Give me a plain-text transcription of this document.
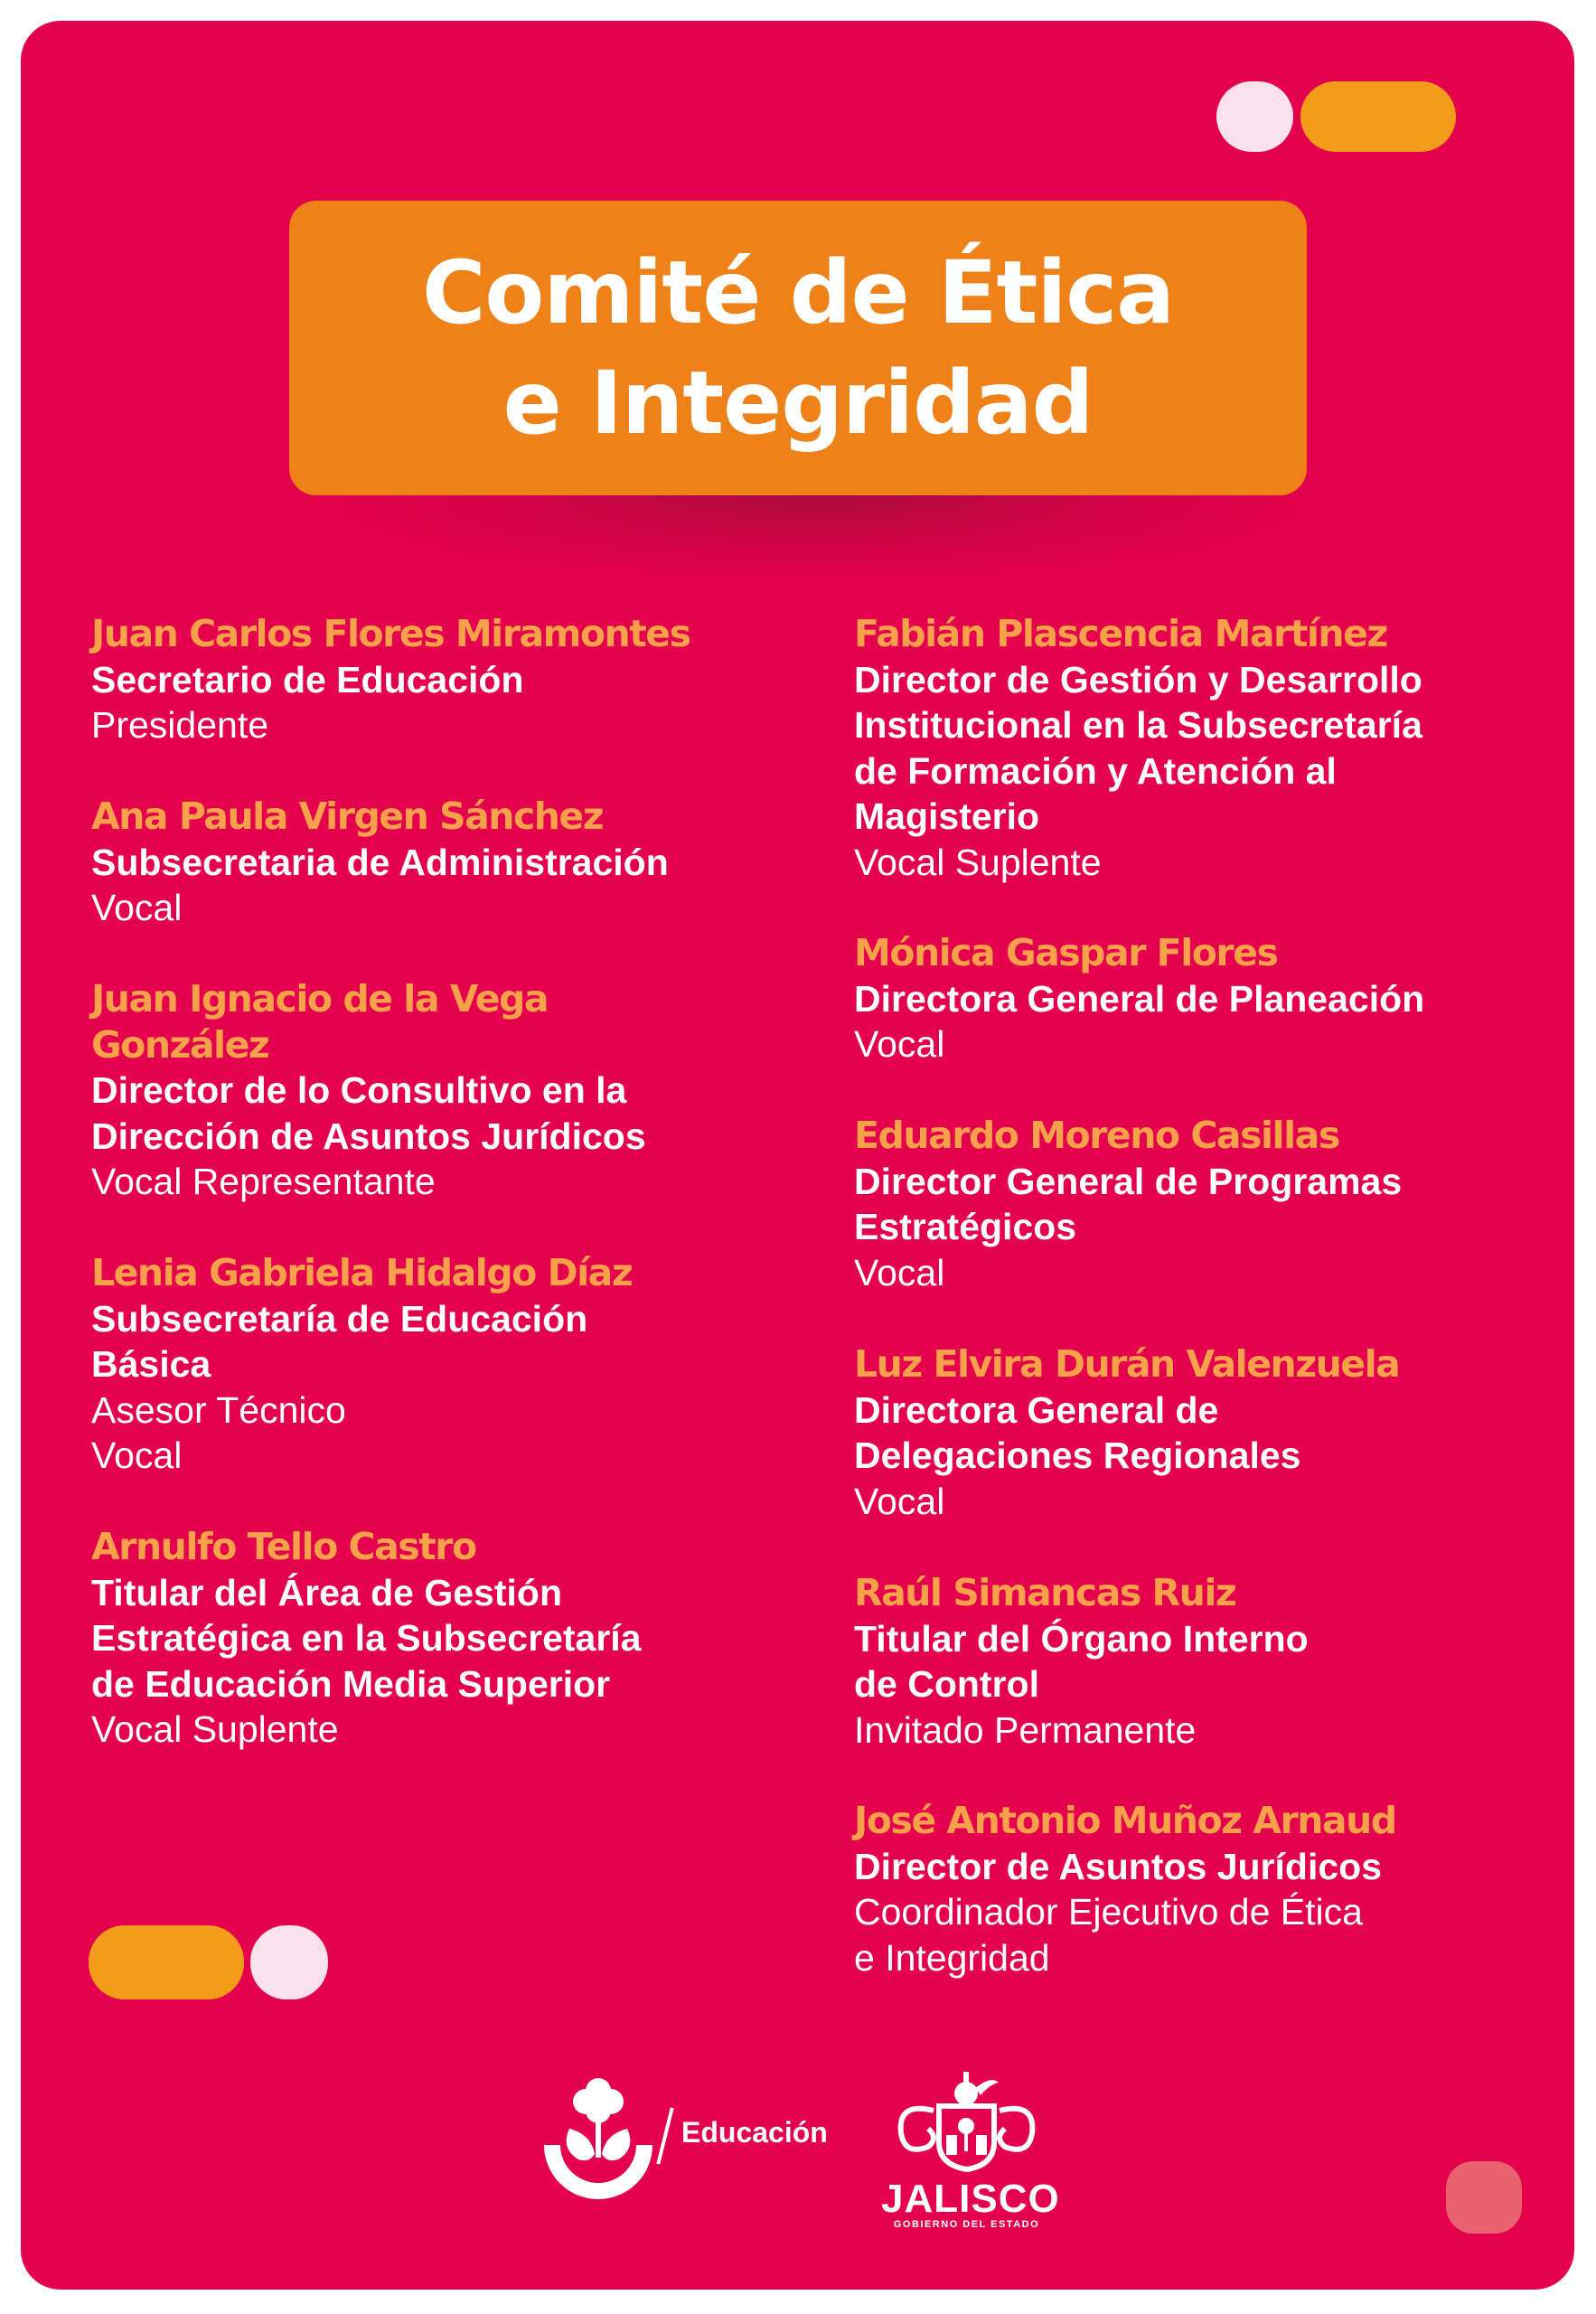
Comité de Ética
e Integridad
Juan Carlos Flores Miramontes
Secretario de Educación
Presidente
Ana Paula Virgen Sánchez
Subsecretaria de Administración
Vocal
Juan Ignacio de la Vega
González
Director de lo Consultivo en la
Dirección de Asuntos Jurídicos
Vocal Representante
Lenia Gabriela Hidalgo Díaz
Subsecretaría de Educación
Básica
Asesor Técnico
Vocal
Arnulfo Tello Castro
Titular del Área de Gestión
Estratégica en la Subsecretaría
de Educación Media Superior
Vocal Suplente
Fabián Plascencia Martínez
Director de Gestión y Desarrollo
Institucional en la Subsecretaría
de Formación y Atención al
Magisterio
Vocal Suplente
Mónica Gaspar Flores
Directora General de Planeación
Vocal
Eduardo Moreno Casillas
Director General de Programas
Estratégicos
Vocal
Luz Elvira Durán Valenzuela
Directora General de
Delegaciones Regionales
Vocal
Raúl Simancas Ruiz
Titular del Órgano Interno
de Control
Invitado Permanente
José Antonio Muñoz Arnaud
Director de Asuntos Jurídicos
Coordinador Ejecutivo de Ética
e Integridad
Educación
JALISCO
GOBIERNO DEL ESTADO
